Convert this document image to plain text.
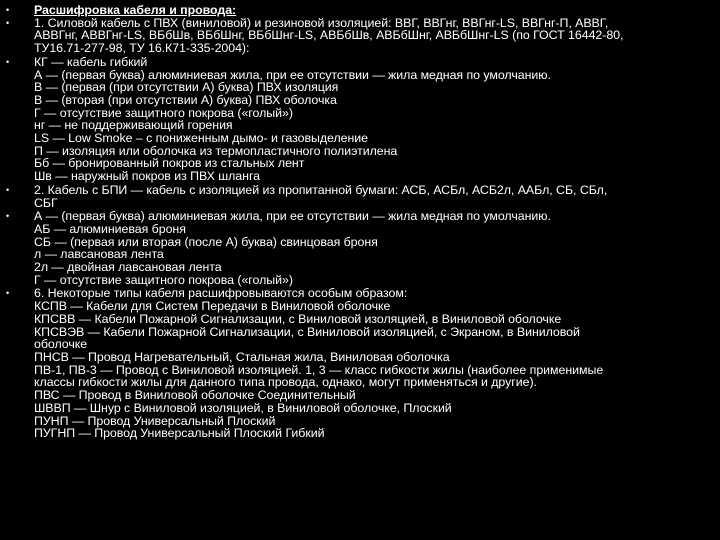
• Расшифровка кабеля и провода:
• 1. Силовой кабель с ПВХ (виниловой) и резиновой изоляцией: ВВГ, ВВГнг, ВВГнг-LS, ВВГнг-П, АВВГ,
АВВГнг, АВВГнг-LS, ВБбШв, ВБбШнг, ВБбШнг-LS, АВБбШв, АВБбШнг, АВБбШнг-LS (по ГОСТ 16442-80,
ТУ16.71-277-98, ТУ 16.К71-335-2004):
• КГ — кабель гибкий
А — (первая буква) алюминиевая жила, при ее отсутствии — жила медная по умолчанию.
В — (первая (при отсутствии А) буква) ПВХ изоляция
В — (вторая (при отсутствии А) буква) ПВХ оболочка
Г — отсутствие защитного покрова («голый»)
нг — не поддерживающий горения
LS — Low Smoke – с пониженным дымо- и газовыделение
П — изоляция или оболочка из термопластичного полиэтилена
Бб — бронированный покров из стальных лент
Шв — наружный покров из ПВХ шланга
• 2. Кабель с БПИ — кабель с изоляцией из пропитанной бумаги: АСБ, АСБл, АСБ2л, ААБл, СБ, СБл,
СБГ
• А — (первая буква) алюминиевая жила, при ее отсутствии — жила медная по умолчанию.
АБ — алюминиевая броня
СБ — (первая или вторая (после А) буква) свинцовая броня
л — лавсановая лента
2л — двойная лавсановая лента
Г — отсутствие защитного покрова («голый»)
• 6. Некоторые типы кабеля расшифровываются особым образом:
КСПВ — Кабели для Систем Передачи в Виниловой оболочке
КПСВВ — Кабели Пожарной Сигнализации, с Виниловой изоляцией, в Виниловой оболочке
КПСВЭВ — Кабели Пожарной Сигнализации, с Виниловой изоляцией, с Экраном, в Виниловой
оболочке
ПНСВ — Провод Нагревательный, Стальная жила, Виниловая оболочка
ПВ-1, ПВ-3 — Провод с Виниловой изоляцией. 1, 3 — класс гибкости жилы (наиболее применимые
классы гибкости жилы для данного типа провода, однако, могут применяться и другие).
ПВС — Провод в Виниловой оболочке Соединительный
ШВВП — Шнур с Виниловой изоляцией, в Виниловой оболочке, Плоский
ПУНП — Провод Универсальный Плоский
ПУГНП — Провод Универсальный Плоский Гибкий
